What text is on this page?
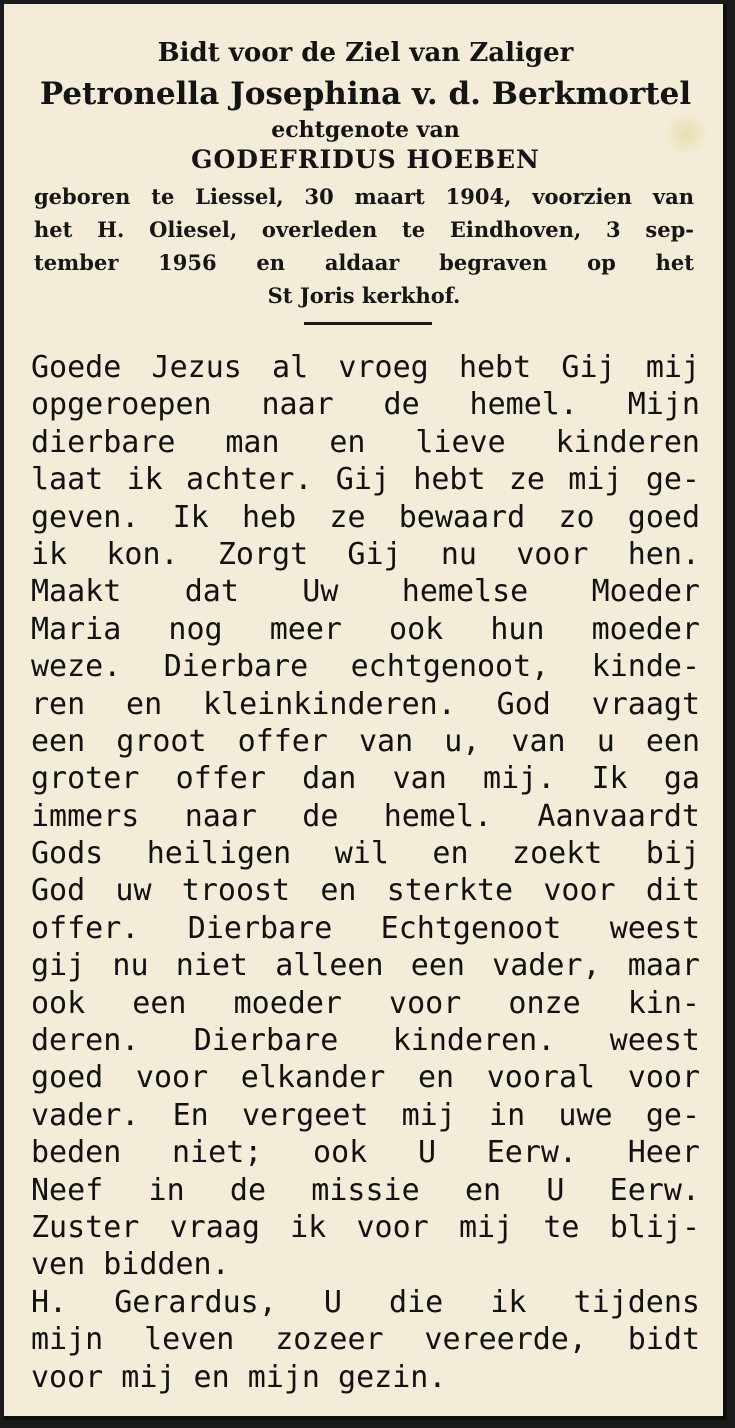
Bidt voor de Ziel van Zaliger
Petronella Josephina v. d. Berkmortel
echtgenote van
GODEFRIDUS HOEBEN
geboren te Liessel, 30 maart 1904, voorzien van
het H. Oliesel, overleden te Eindhoven, 3 sep-
tember 1956 en aldaar begraven op het
St Joris kerkhof.
Goede Jezus al vroeg hebt Gij mij
opgeroepen naar de hemel. Mijn
dierbare man en lieve kinderen
laat ik achter. Gij hebt ze mij ge-
geven. Ik heb ze bewaard zo goed
ik kon. Zorgt Gij nu voor hen.
Maakt dat Uw hemelse Moeder
Maria nog meer ook hun moeder
weze. Dierbare echtgenoot, kinde-
ren en kleinkinderen. God vraagt
een groot offer van u, van u een
groter offer dan van mij. Ik ga
immers naar de hemel. Aanvaardt
Gods heiligen wil en zoekt bij
God uw troost en sterkte voor dit
offer. Dierbare Echtgenoot weest
gij nu niet alleen een vader, maar
ook een moeder voor onze kin-
deren. Dierbare kinderen. weest
goed voor elkander en vooral voor
vader. En vergeet mij in uwe ge-
beden niet; ook U Eerw. Heer
Neef in de missie en U Eerw.
Zuster vraag ik voor mij te blij-
ven bidden.
H. Gerardus, U die ik tijdens
mijn leven zozeer vereerde, bidt
voor mij en mijn gezin.
